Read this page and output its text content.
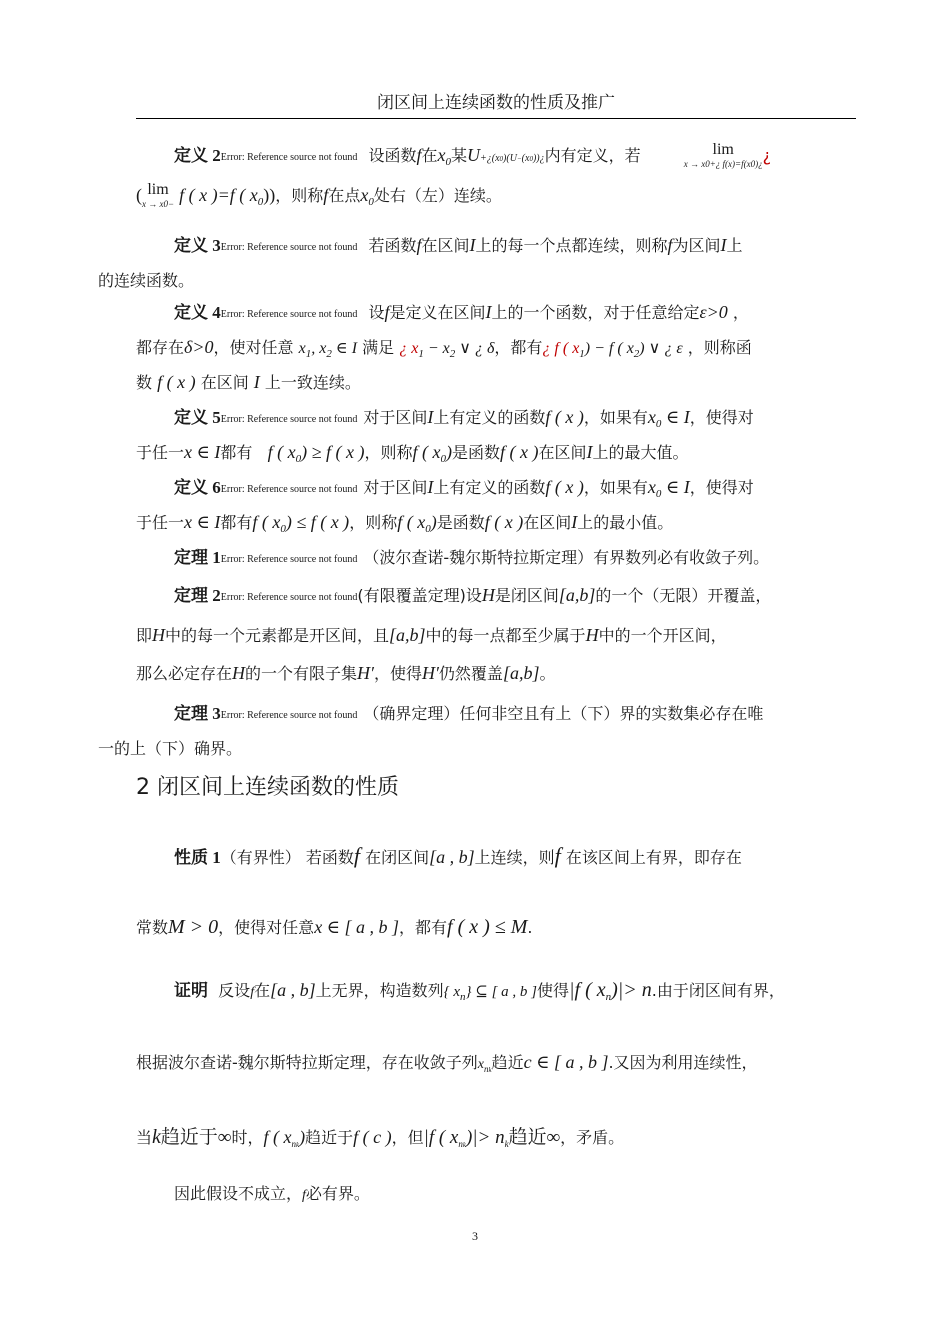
闭区间上连续函数的性质及推广
定义 $2^{Error: Reference source not found}$ 设函数f在$x_0$某U+¿(x0)(U−(x0))¿内有定义，若	lim
x → x0+¿ f(x)=f(x0)¿ ¿
( lim
x → x0− f ( x )=f ( $x_0$))，则称f在点$x_0$处右（左）连续。
定义 $3^{Error: Reference source not found}$ 若函数f在区间I上的每一个点都连续，则称f为区间I上
的连续函数。
定义 $4^{Error: Reference source not found}$ 设f是定义在区间I上的一个函数，对于任意给定ε>0 ，
都存在δ>0，使对任意 $x_1$, $x_2$ ∈ I 满足 ¿ $x_1 - x_2$ ∨ ¿ δ，都有¿ f ( $x_1) - f$ ( $x_2$) ∨ ¿ ε ，则称函
数 f ( x ) 在区间 I 上一致连续。
定义 $5^{Error: Reference source not found}$ 对于区间I上有定义的函数f ( x )，如果有$x_0$ ∈ I，使得对
于任一x ∈ I都有 f ( $x_0) \ge f$ ( x )，则称f ( $x_0$)是函数f ( x )在区间I上的最大值。
定义 $6^{Error: Reference source not found}$ 对于区间I上有定义的函数f ( x )，如果有$x_0$ ∈ I，使得对
于任一x ∈ I都有f ( $x_0) \le f$ ( x )，则称f ( $x_0$)是函数f ( x )在区间I上的最小值。
定理 $1^{Error: Reference source not found}$ （波尔查诺-魏尔斯特拉斯定理）有界数列必有收敛子列。
定理 $2^{Error: Reference source not found}$(有限覆盖定理)设H是闭区间[a,b]的一个（无限）开覆盖，
即H中的每一个元素都是开区间，且[a,b]中的每一点都至少属于H中的一个开区间，
那么必定存在H的一个有限子集H′，使得H′仍然覆盖[a,b]。
定理 $3^{Error: Reference source not found}$ （确界定理）任何非空且有上（下）界的实数集必存在唯
一的上（下）确界。
2 闭区间上连续函数的性质
性质 1（有界性） 若函数f 在闭区间[a , b]上连续，则f 在该区间上有界，即存在
常数M > 0，使得对任意x ∈ [ a , b ]，都有f ( x ) ≤ M.
证明 反设f在[a , b]上无界，构造数列{ $x_n$} ⊆ [ a , b ]使得|f ( $x_n)|> n$.由于闭区间有界，
根据波尔查诺-魏尔斯特拉斯定理，存在收敛子列$x_{nk}$趋近c ∈ [ a , b ].又因为利用连续性，
当k趋近于∞时，f ( $x_{nk}$)趋近于f ( c )，但|f ( $x_{nk})|> n_k$趋近∞，矛盾。
因此假设不成立，f必有界。
3
